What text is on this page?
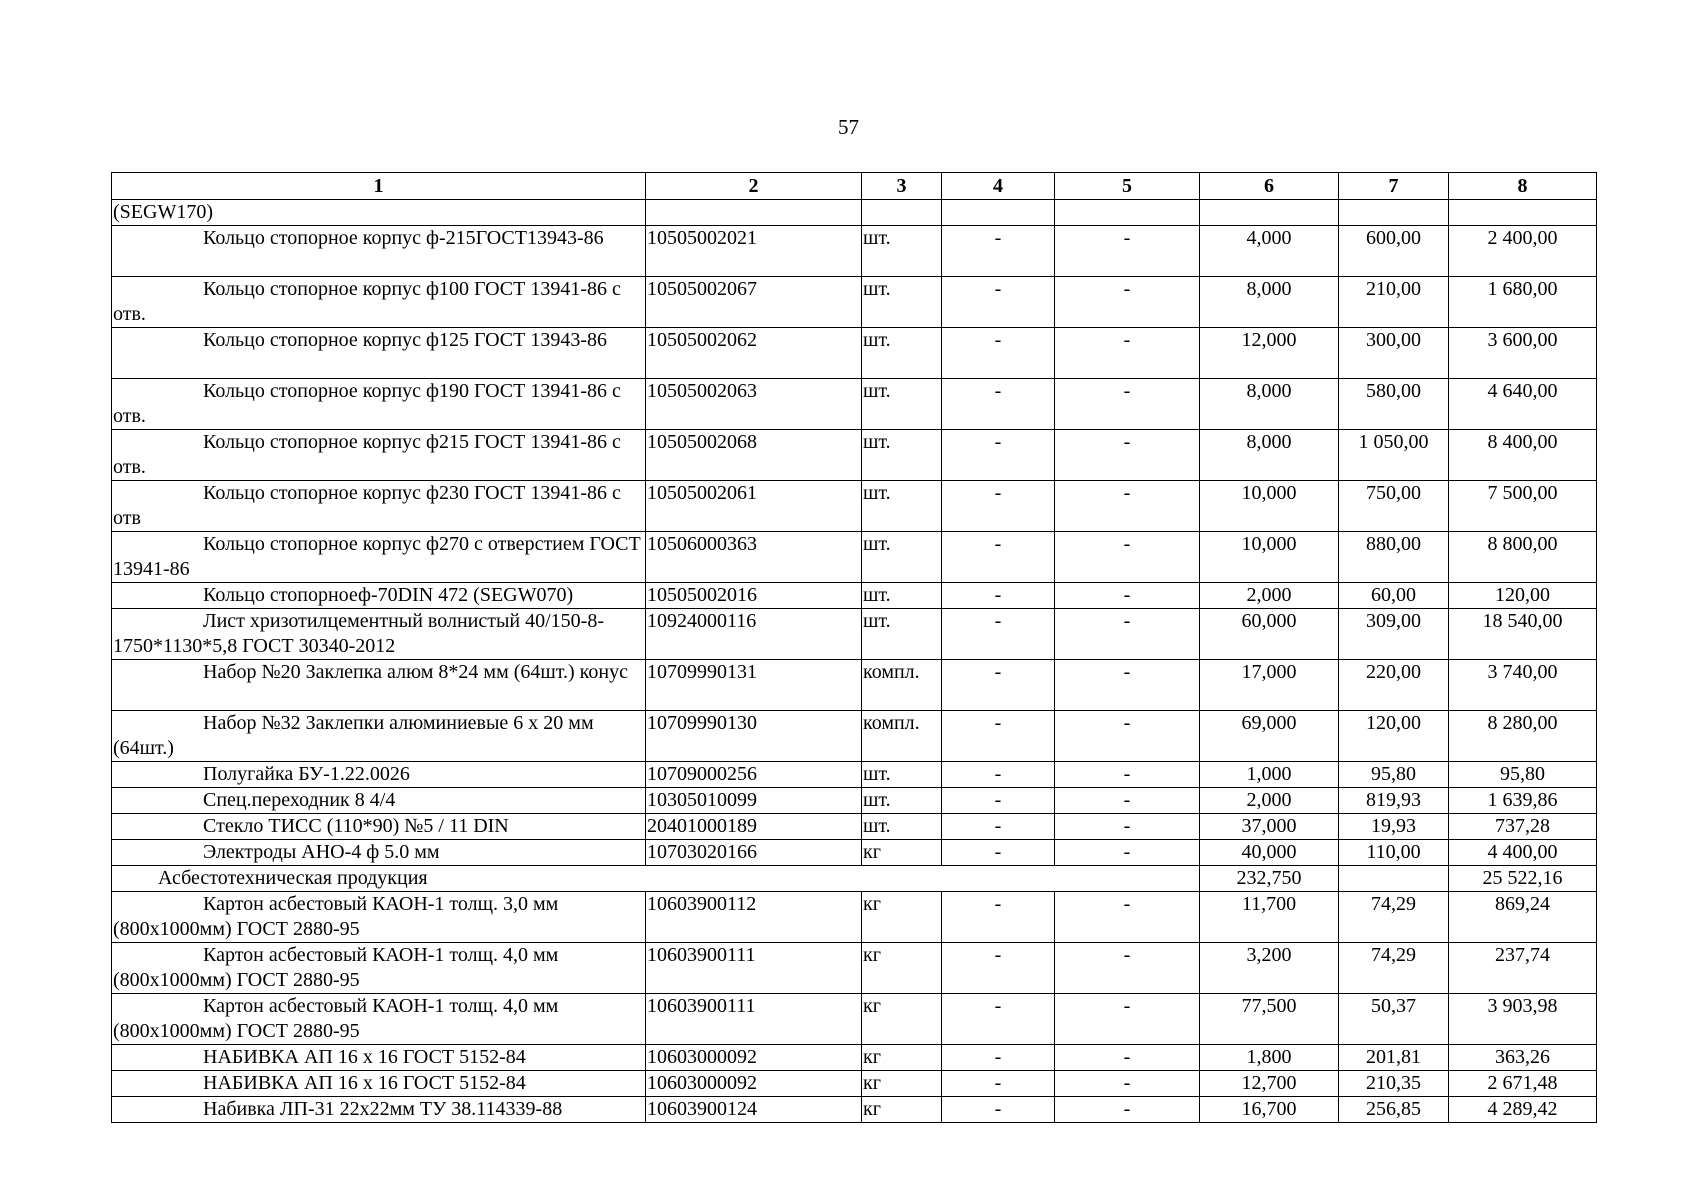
57
1	2	3	4	5	6	7	8
(SEGW170)							
Кольцо стопорное корпус ф-215ГОСТ13943-86	10505002021	шт.	-	-	4,000	600,00	2 400,00
Кольцо стопорное корпус ф100 ГОСТ 13941-86 с отв.	10505002067	шт.	-	-	8,000	210,00	1 680,00
Кольцо стопорное корпус ф125 ГОСТ 13943-86	10505002062	шт.	-	-	12,000	300,00	3 600,00
Кольцо стопорное корпус ф190 ГОСТ 13941-86 с отв.	10505002063	шт.	-	-	8,000	580,00	4 640,00
Кольцо стопорное корпус ф215 ГОСТ 13941-86 с отв.	10505002068	шт.	-	-	8,000	1 050,00	8 400,00
Кольцо стопорное корпус ф230 ГОСТ 13941-86 с отв	10505002061	шт.	-	-	10,000	750,00	7 500,00
Кольцо стопорное корпус ф270 с отверстием ГОСТ 13941-86	10506000363	шт.	-	-	10,000	880,00	8 800,00
Кольцо стопорноеф-70DIN 472 (SEGW070)	10505002016	шт.	-	-	2,000	60,00	120,00
Лист хризотилцементный волнистый 40/150-8-1750*1130*5,8 ГОСТ 30340-2012	10924000116	шт.	-	-	60,000	309,00	18 540,00
Набор №20 Заклепка алюм 8*24 мм (64шт.) конус	10709990131	компл.	-	-	17,000	220,00	3 740,00
Набор №32 Заклепки алюминиевые 6 х 20 мм (64шт.)	10709990130	компл.	-	-	69,000	120,00	8 280,00
Полугайка БУ-1.22.0026	10709000256	шт.	-	-	1,000	95,80	95,80
Спец.переходник 8 4/4	10305010099	шт.	-	-	2,000	819,93	1 639,86
Стекло ТИСС (110*90) №5 / 11 DIN	20401000189	шт.	-	-	37,000	19,93	737,28
Электроды АНО-4 ф 5.0 мм	10703020166	кг	-	-	40,000	110,00	4 400,00
Асбестотехническая продукция					232,750		25 522,16
Картон асбестовый КАОН-1 толщ. 3,0 мм (800х1000мм) ГОСТ 2880-95	10603900112	кг	-	-	11,700	74,29	869,24
Картон асбестовый КАОН-1 толщ. 4,0 мм (800х1000мм) ГОСТ 2880-95	10603900111	кг	-	-	3,200	74,29	237,74
Картон асбестовый КАОН-1 толщ. 4,0 мм (800х1000мм) ГОСТ 2880-95	10603900111	кг	-	-	77,500	50,37	3 903,98
НАБИВКА АП 16 х 16 ГОСТ 5152-84	10603000092	кг	-	-	1,800	201,81	363,26
НАБИВКА АП 16 х 16 ГОСТ 5152-84	10603000092	кг	-	-	12,700	210,35	2 671,48
Набивка ЛП-31 22х22мм ТУ 38.114339-88	10603900124	кг	-	-	16,700	256,85	4 289,42
